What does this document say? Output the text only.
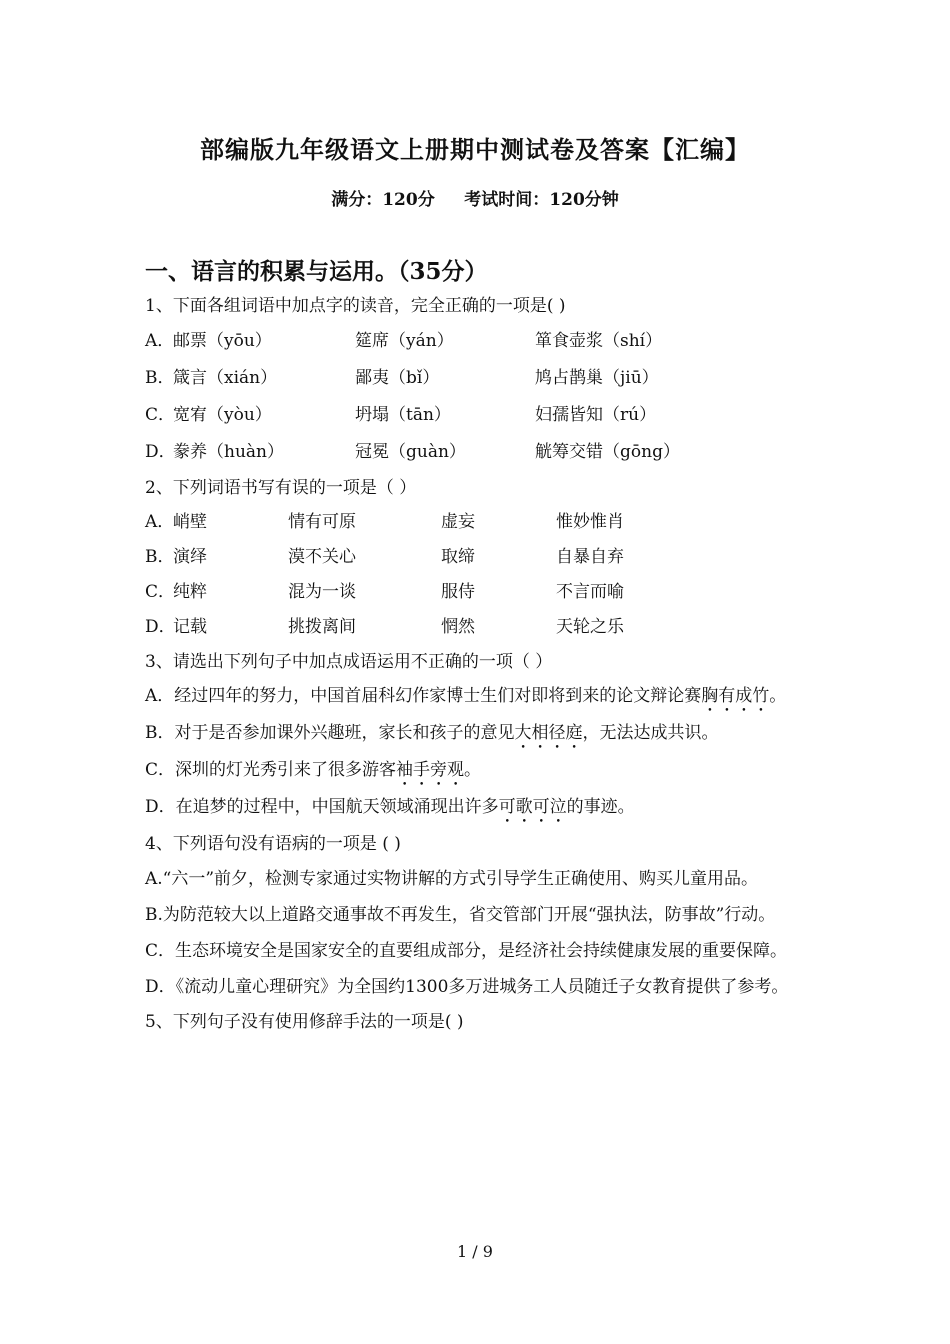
部编版九年级语文上册期中测试卷及答案【汇编】
满分：120分     考试时间：120分钟
一、语言的积累与运用。（35分）
1、下面各组词语中加点字的读音，完全正确的一项是( )
A．
邮票（yōu）	筵席（yán）	箪食壶浆（shí）
B．
箴言（xián）	鄙夷（bǐ）	鸠占鹊巢（jiū）
C．
宽宥（yòu）	坍塌（tān）	妇孺皆知（rú）
D．
豢养（huàn）	冠冕（guàn）	觥筹交错（gōng）
2、下列词语书写有误的一项是（ ）
A．
峭壁	情有可原	虚妄	惟妙惟肖
B．
演绎	漠不关心	取缔	自暴自弃
C．
纯粹	混为一谈	服侍	不言而喻
D．
记载	挑拨离间	惘然	天轮之乐
3、请选出下列句子中加点成语运用不正确的一项（ ）
A．经过四年的努力，中国首届科幻作家博士生们对即将到来的论文辩论赛胸有成竹。
B．对于是否参加课外兴趣班，家长和孩子的意见大相径庭，无法达成共识。
C．深圳的灯光秀引来了很多游客袖手旁观。
D．在追梦的过程中，中国航天领域涌现出许多可歌可泣的事迹。
4、下列语句没有语病的一项是 ( )
A.“六一”前夕，检测专家通过实物讲解的方式引导学生正确使用、购买儿童用品。
B.为防范较大以上道路交通事故不再发生，省交管部门开展“强执法，防事故”行动。
C．生态环境安全是国家安全的直要组成部分，是经济社会持续健康发展的重要保障。
D．《流动儿童心理研究》为全国约1300多万进城务工人员随迁子女教育提供了参考。
5、下列句子没有使用修辞手法的一项是( )
1 / 9
